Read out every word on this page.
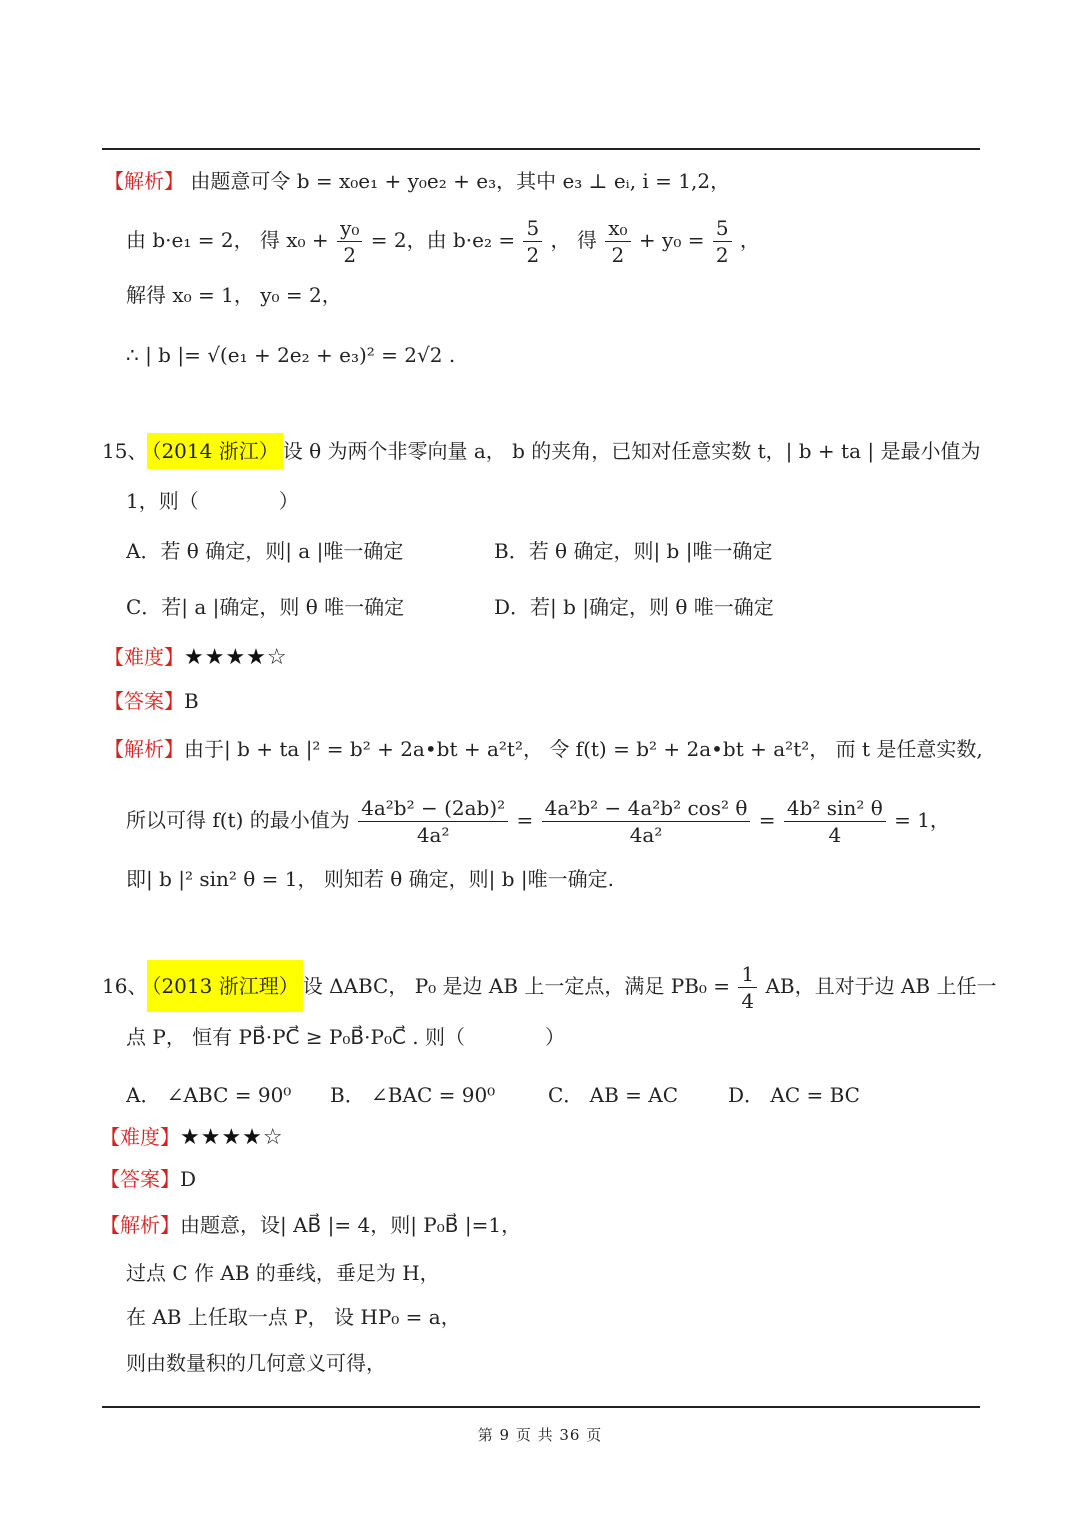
【解析】 由题意可令 b = x₀e₁ + y₀e₂ + e₃，其中 e₃ ⊥ eᵢ, i = 1,2，
由 b·e₁ = 2， 得 $x_0 + \frac{\text{y₀}}{2} = 2$，由 $b\cdot e_2 = \frac{5}{2}$ ， 得 $\frac{\text{x₀}}{2} + y_0 = \frac{5}{2}$ ，
解得 x₀ = 1， y₀ = 2，
∴ | b |= √(e₁ + 2e₂ + e₃)² = 2√2 .
15、 （2014 浙江） 设 θ 为两个非零向量 a， b 的夹角，已知对任意实数 t，| b + ta | 是最小值为
1，则（　　　　）
A．若 θ 确定，则| a |唯一确定	B．若 θ 确定，则| b |唯一确定
C．若| a |确定，则 θ 唯一确定	D．若| b |确定，则 θ 唯一确定
【难度】★★★★☆
【答案】B
【解析】由于| b + ta |² = b² + 2a•bt + a²t²， 令 f(t) = b² + 2a•bt + a²t²， 而 t 是任意实数,
所以可得 f(t) 的最小值为 $\frac{\text{4a²b² − (2ab)²}}{\text{4a²}} = \frac{\text{4a²b² − 4a²b² cos² θ}}{\text{4a²}} = \frac{\text{4b² sin² θ}}{4} = 1$，
即| b |² sin² θ = 1， 则知若 θ 确定，则| b |唯一确定.
16、 （2013 浙江理） 设 ΔABC， P₀ 是边 AB 上一定点，满足 $PB_0 = \frac{1}{4}$ AB，且对于边 AB 上任一
点 P， 恒有 PB⃗·PC⃗ ≥ P₀B⃗·P₀C⃗ . 则（　　　　）
A． ∠ABC = 90⁰ B． ∠BAC = 90⁰	C． AB = AC D． AC = BC
【难度】★★★★☆
【答案】D
【解析】由题意，设| AB⃗ |= 4，则| P₀B⃗ |=1，
过点 C 作 AB 的垂线，垂足为 H，
在 AB 上任取一点 P， 设 HP₀ = a，
则由数量积的几何意义可得，
第 9 页 共 36 页
